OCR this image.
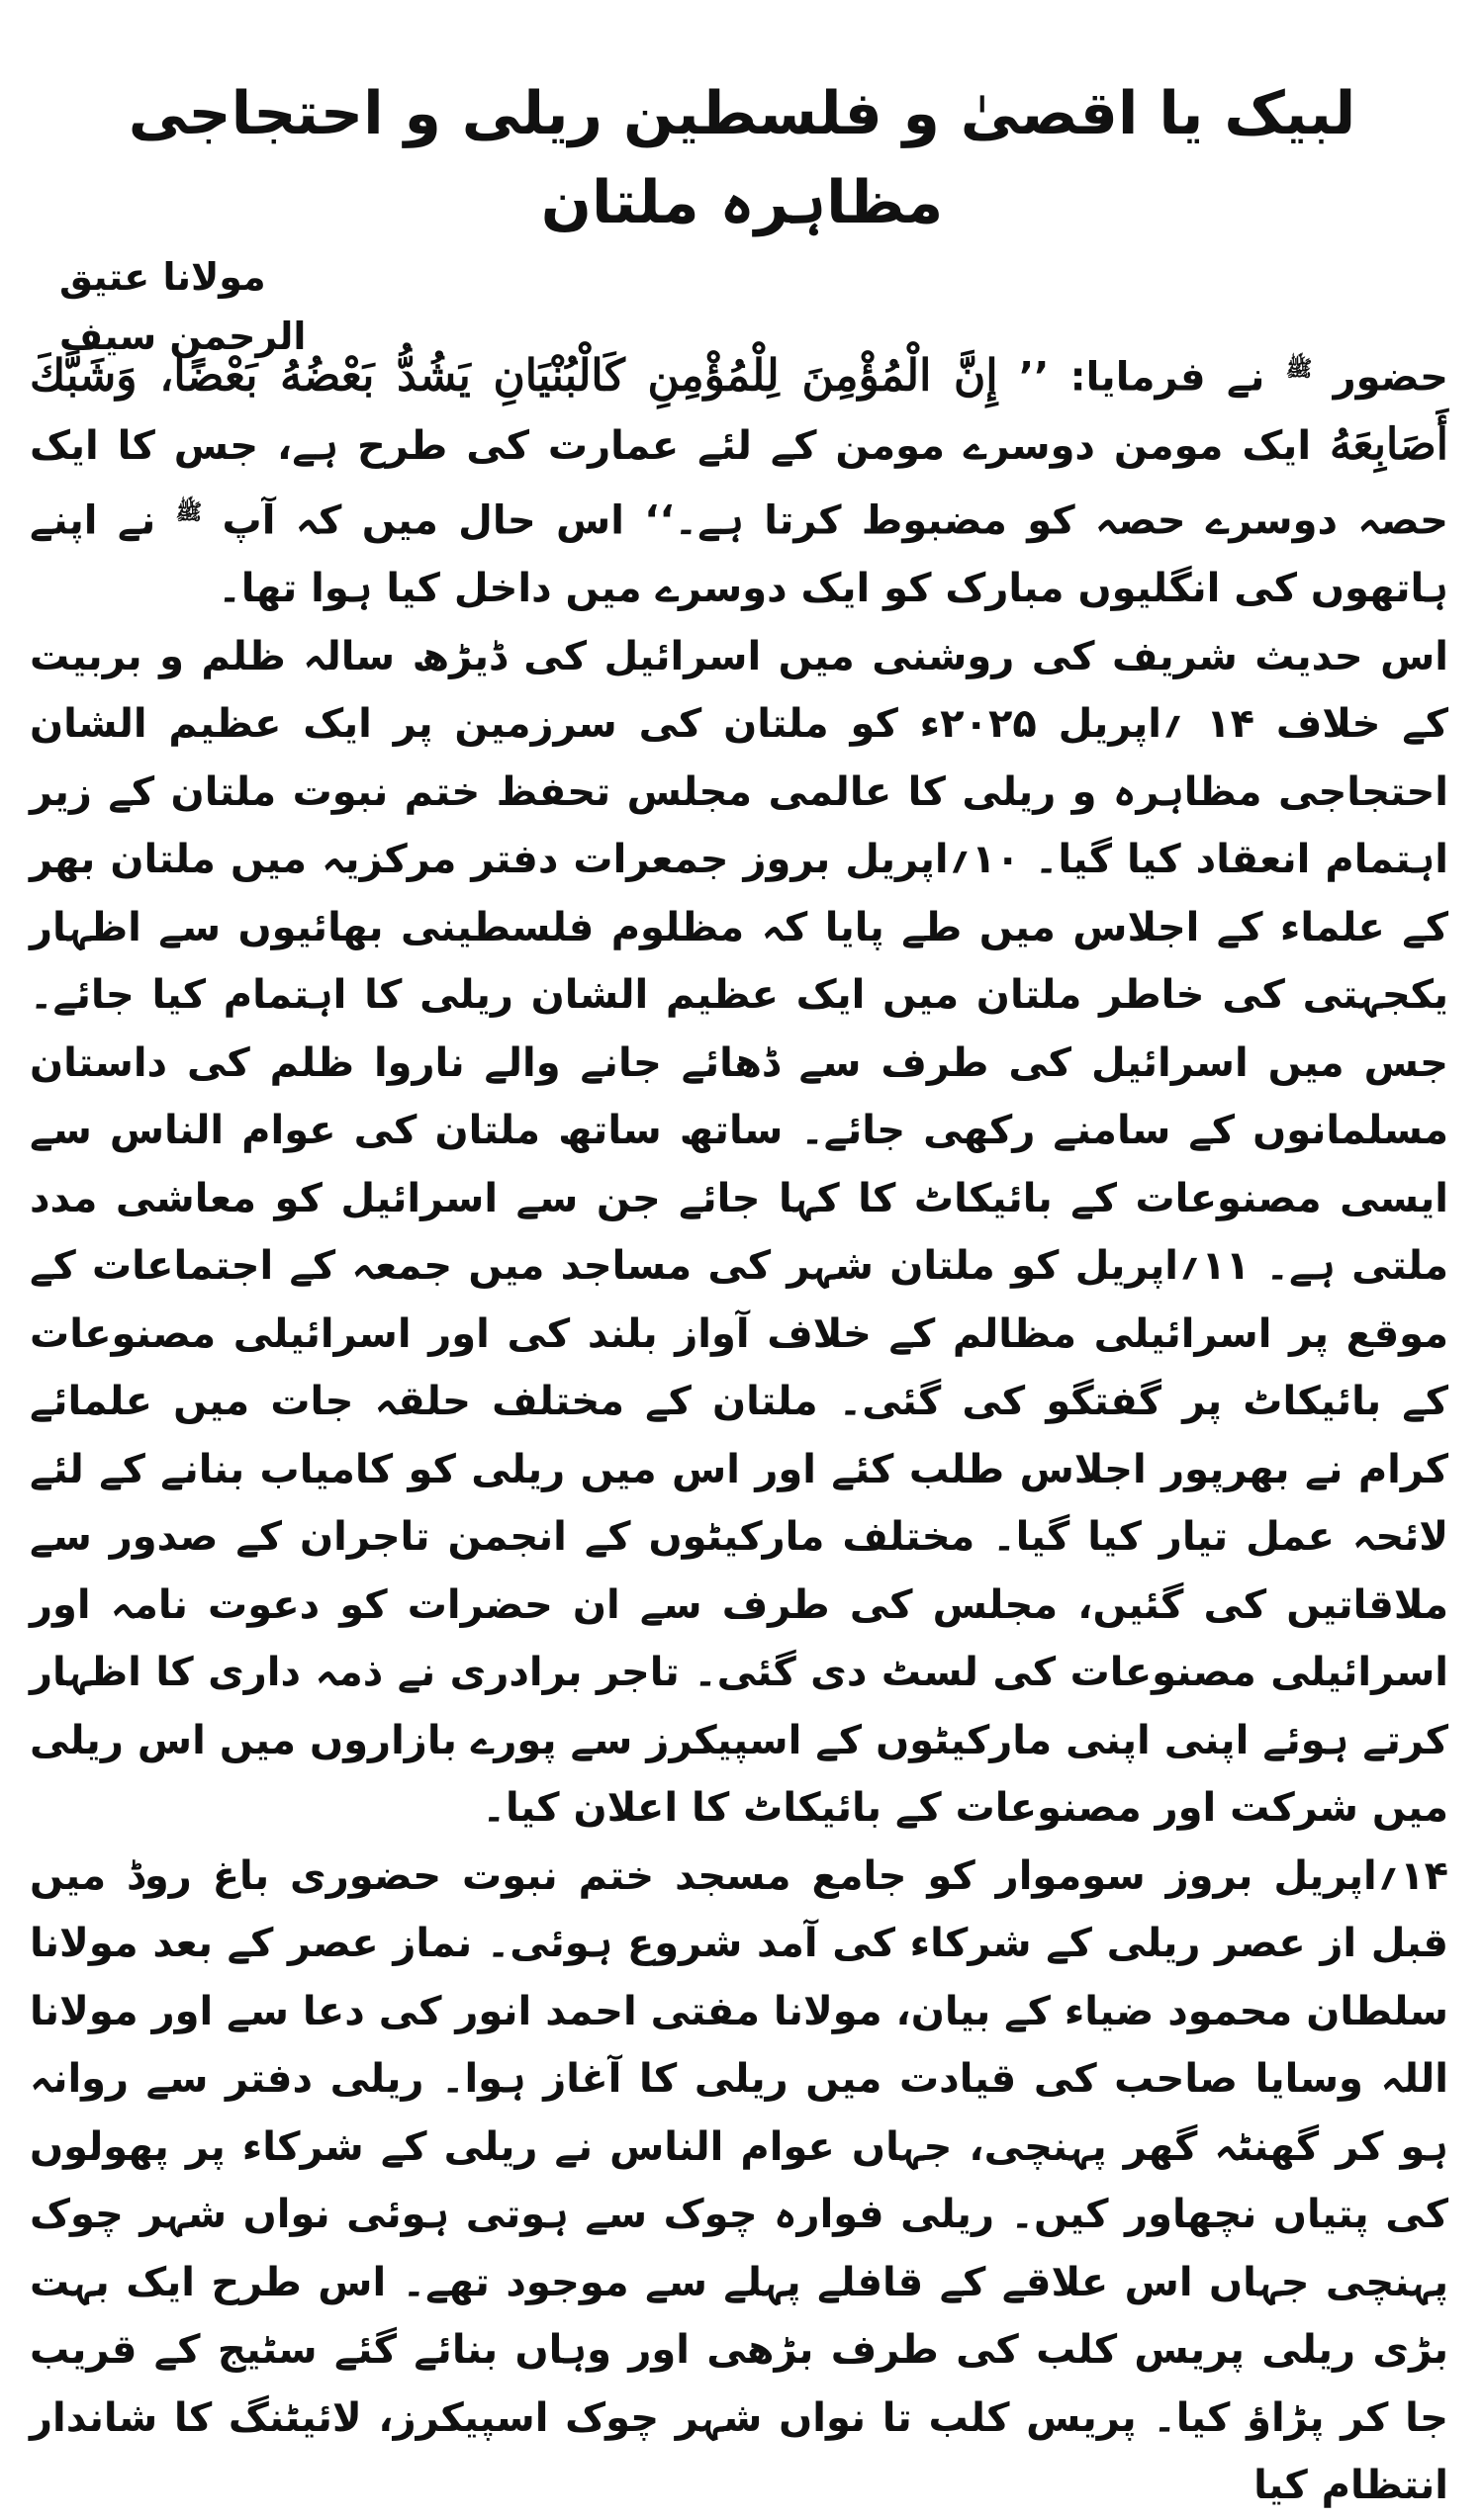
لبیک یا اقصیٰ و فلسطین ریلی و احتجاجی مظاہرہ ملتان
مولانا عتیق الرحمن سیف

حضور $^ﷺ$ نے فرمایا: ’’ إِنَّ الْمُؤْمِنَ لِلْمُؤْمِنِ كَالْبُنْيَانِ يَشُدُّ بَعْضُهُ بَعْضًا، وَشَبَّكَ أَصَابِعَهُ ایک مومن دوسرے مومن کے لئے عمارت کی طرح ہے، جس کا ایک حصہ دوسرے حصہ کو مضبوط کرتا ہے۔‘‘ اس حال میں کہ آپ $^ﷺ$ نے اپنے ہاتھوں کی انگلیوں مبارک کو ایک دوسرے میں داخل کیا ہوا تھا۔

اس حدیث شریف کی روشنی میں اسرائیل کی ڈیڑھ سالہ ظلم و بربیت کے خلاف ۱۴ ؍اپریل ۲۰۲۵ء کو ملتان کی سرزمین پر ایک عظیم الشان احتجاجی مظاہرہ و ریلی کا عالمی مجلس تحفظ ختم نبوت ملتان کے زیر اہتمام انعقاد کیا گیا۔ ۱۰؍اپریل بروز جمعرات دفتر مرکزیہ میں ملتان بھر کے علماء کے اجلاس میں طے پایا کہ مظلوم فلسطینی بھائیوں سے اظہار یکجہتی کی خاطر ملتان میں ایک عظیم الشان ریلی کا اہتمام کیا جائے۔ جس میں اسرائیل کی طرف سے ڈھائے جانے والے ناروا ظلم کی داستان مسلمانوں کے سامنے رکھی جائے۔ ساتھ ساتھ ملتان کی عوام الناس سے ایسی مصنوعات کے بائیکاٹ کا کہا جائے جن سے اسرائیل کو معاشی مدد ملتی ہے۔ ۱۱؍اپریل کو ملتان شہر کی مساجد میں جمعہ کے اجتماعات کے موقع پر اسرائیلی مظالم کے خلاف آواز بلند کی اور اسرائیلی مصنوعات کے بائیکاٹ پر گفتگو کی گئی۔ ملتان کے مختلف حلقہ جات میں علمائے کرام نے بھرپور اجلاس طلب کئے اور اس میں ریلی کو کامیاب بنانے کے لئے لائحہ عمل تیار کیا گیا۔ مختلف مارکیٹوں کے انجمن تاجران کے صدور سے ملاقاتیں کی گئیں، مجلس کی طرف سے ان حضرات کو دعوت نامہ اور اسرائیلی مصنوعات کی لسٹ دی گئی۔ تاجر برادری نے ذمہ داری کا اظہار کرتے ہوئے اپنی اپنی مارکیٹوں کے اسپیکرز سے پورے بازاروں میں اس ریلی میں شرکت اور مصنوعات کے بائیکاٹ کا اعلان کیا۔

۱۴؍اپریل بروز سوموار کو جامع مسجد ختم نبوت حضوری باغ روڈ میں قبل از عصر ریلی کے شرکاء کی آمد شروع ہوئی۔ نماز عصر کے بعد مولانا سلطان محمود ضیاء کے بیان، مولانا مفتی احمد انور کی دعا سے اور مولانا اللہ وسایا صاحب کی قیادت میں ریلی کا آغاز ہوا۔ ریلی دفتر سے روانہ ہو کر گھنٹہ گھر پہنچی، جہاں عوام الناس نے ریلی کے شرکاء پر پھولوں کی پتیاں نچھاور کیں۔ ریلی فوارہ چوک سے ہوتی ہوئی نواں شہر چوک پہنچی جہاں اس علاقے کے قافلے پہلے سے موجود تھے۔ اس طرح ایک بہت بڑی ریلی پریس کلب کی طرف بڑھی اور وہاں بنائے گئے سٹیج کے قریب جا کر پڑاؤ کیا۔ پریس کلب تا نواں شہر چوک اسپیکرز، لائیٹنگ کا شاندار انتظام کیا
